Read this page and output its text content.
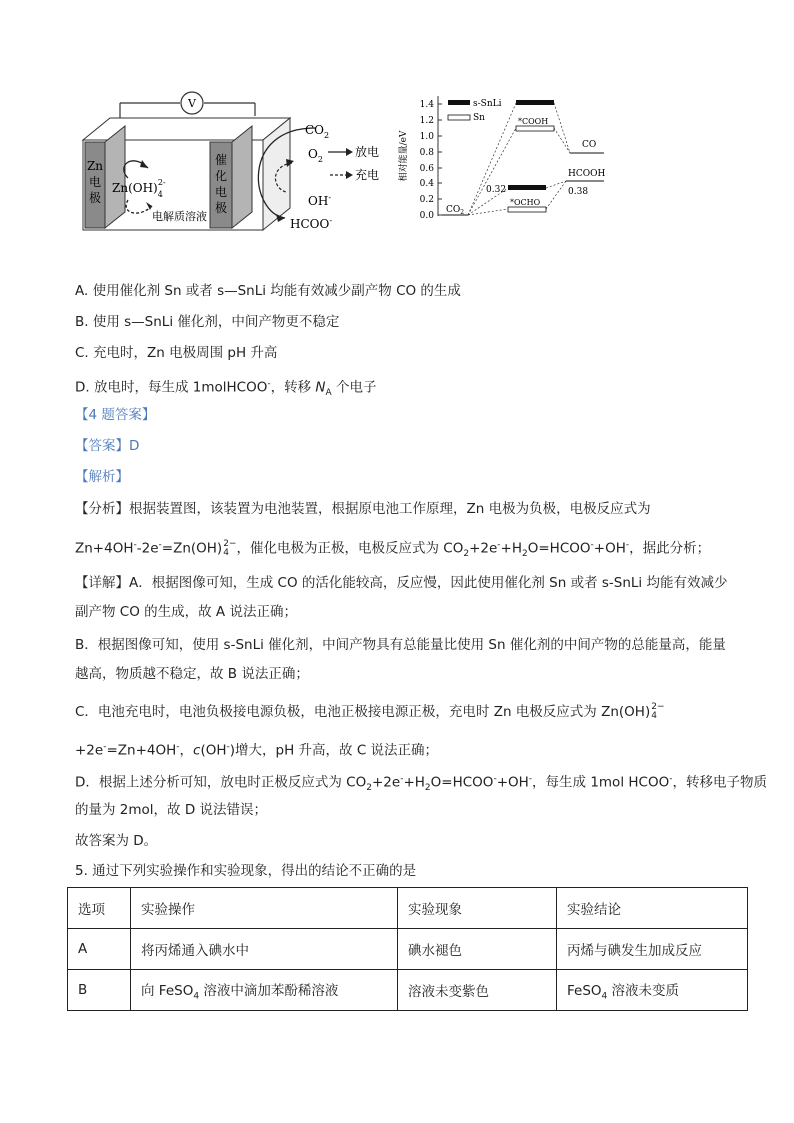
V
Zn
电
极
催
化
电
极
$Zn(OH)_42-$
电解质溶液
$CO_2$
$O_2$
OH-
HCOO-
放电
充电 相对能量/eV
1.4
1.2
1.0
0.8
0.6
0.4
0.2
0.0
s-SnLi
Sn
$CO_2$
*COOH
*OCHO
0.32
CO
HCOOH
0.38
A. 使用催化剂 Sn 或者 s—SnLi 均能有效减少副产物 CO 的生成
B. 使用 s—SnLi 催化剂，中间产物更不稳定
C. 充电时，Zn 电极周围 pH 升高
D. 放电时，每生成 1molHCOO-，转移 $N_A$ 个电子
【4 题答案】
【答案】D
【解析】
【分析】根据装置图，该装置为电池装置，根据原电池工作原理，Zn 电极为负极，电极反应式为
Zn+4OH--2e-=Zn(OH) 2−
4 ，催化电极为正极，电极反应式为 $CO_2+2e^-+H_2O=HCOO^-+OH^-$，据此分析；
【详解】A．根据图像可知，生成 CO 的活化能较高，反应慢，因此使用催化剂 Sn 或者 s-SnLi 均能有效减少
副产物 CO 的生成，故 A 说法正确；
B．根据图像可知，使用 s-SnLi 催化剂，中间产物具有总能量比使用 Sn 催化剂的中间产物的总能量高，能量
越高，物质越不稳定，故 B 说法正确；
C．电池充电时，电池负极接电源负极，电池正极接电源正极，充电时 Zn 电极反应式为 Zn(OH) 2−
4
+2e-=Zn+4OH-，c(OH-)增大，pH 升高，故 C 说法正确；
D．根据上述分析可知，放电时正极反应式为 $CO_2+2e^-+H_2O=HCOO^-+OH^-$，每生成 1mol HCOO-，转移电子物质
的量为 2mol，故 D 说法错误；
故答案为 D。
5. 通过下列实验操作和实验现象，得出的结论不正确的是
选项	实验操作	实验现象	实验结论
A	将丙烯通入碘水中	碘水褪色	丙烯与碘发生加成反应
B	向 FeSO$_4$ 溶液中滴加苯酚稀溶液	溶液未变紫色	FeSO$_4$ 溶液未变质
